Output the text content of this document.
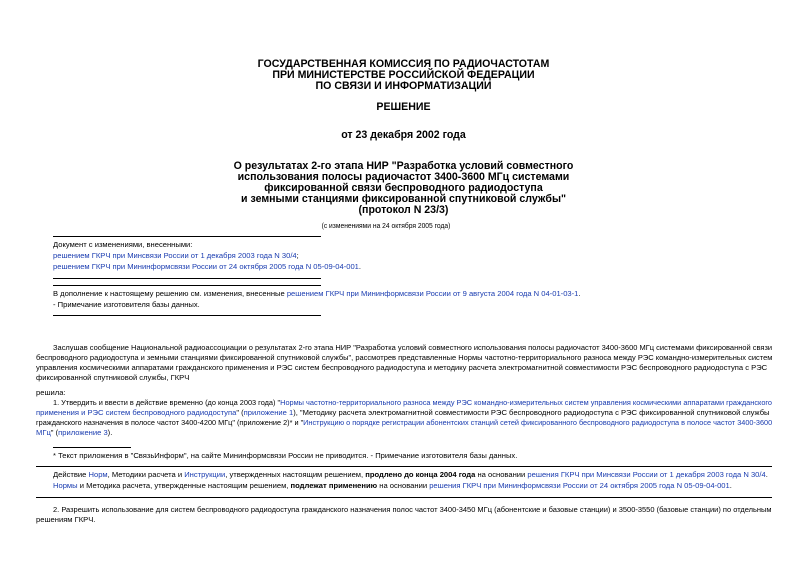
ГОСУДАРСТВЕННАЯ КОМИССИЯ ПО РАДИОЧАСТОТАМ
ПРИ МИНИСТЕРСТВЕ РОССИЙСКОЙ ФЕДЕРАЦИИ
ПО СВЯЗИ И ИНФОРМАТИЗАЦИИ
РЕШЕНИЕ
от 23 декабря 2002 года
О результатах 2-го этапа НИР "Разработка условий совместного
использования полосы радиочастот 3400-3600 МГц системами
фиксированной связи беспроводного радиодоступа
и земными станциями фиксированной спутниковой службы"
(протокол N 23/3)
(с изменениями на 24 октября 2005 года)
Документ с изменениями, внесенными:
решением ГКРЧ при Минсвязи России от 1 декабря 2003 года N 30/4;
решением ГКРЧ при Мининформсвязи России от 24 октября 2005 года N 05-09-04-001.
В дополнение к настоящему решению см. изменения, внесенные решением ГКРЧ при Мининформсвязи России от 9 августа 2004 года N 04-01-03-1.
- Примечание изготовителя базы данных.
Заслушав сообщение Национальной радиоассоциации о результатах 2-го этапа НИР "Разработка условий совместного использования полосы радиочастот 3400-3600 МГц системами фиксированной связи
беспроводного радиодоступа и земными станциями фиксированной спутниковой службы", рассмотрев представленные Нормы частотно-территориального разноса между РЭС командно-измерительных систем
управления космическими аппаратами гражданского применения и РЭС систем беспроводного радиодоступа и методику расчета электромагнитной совместимости РЭС беспроводного радиодоступа с РЭС
фиксированной спутниковой службы, ГКРЧ
решила:
1. Утвердить и ввести в действие временно (до конца 2003 года) "Нормы частотно-территориального разноса между РЭС командно-измерительных систем управления космическими аппаратами гражданского
применения и РЭС систем беспроводного радиодоступа" (приложение 1), "Методику расчета электромагнитной совместимости РЭС беспроводного радиодоступа с РЭС фиксированной спутниковой службы
гражданского назначения в полосе частот 3400-4200 МГц" (приложение 2)* и "Инструкцию о порядке регистрации абонентских станций сетей фиксированного беспроводного радиодоступа в полосе частот 3400-3600
МГц" (приложение 3).
* Текст приложения в "СвязьИнформ", на сайте Мининформсвязи России не приводится. - Примечание изготовителя базы данных.
Действие Норм, Методики расчета и Инструкции, утвержденных настоящим решением, продлено до конца 2004 года на основании решения ГКРЧ при Минсвязи России от 1 декабря 2003 года N 30/4.
Нормы и Методика расчета, утвержденные настоящим решением, подлежат применению на основании решения ГКРЧ при Мининформсвязи России от 24 октября 2005 года N 05-09-04-001.
2. Разрешить использование для систем беспроводного радиодоступа гражданского назначения полос частот 3400-3450 МГц (абонентские и базовые станции) и 3500-3550 (базовые станции) по отдельным
решениям ГКРЧ.
